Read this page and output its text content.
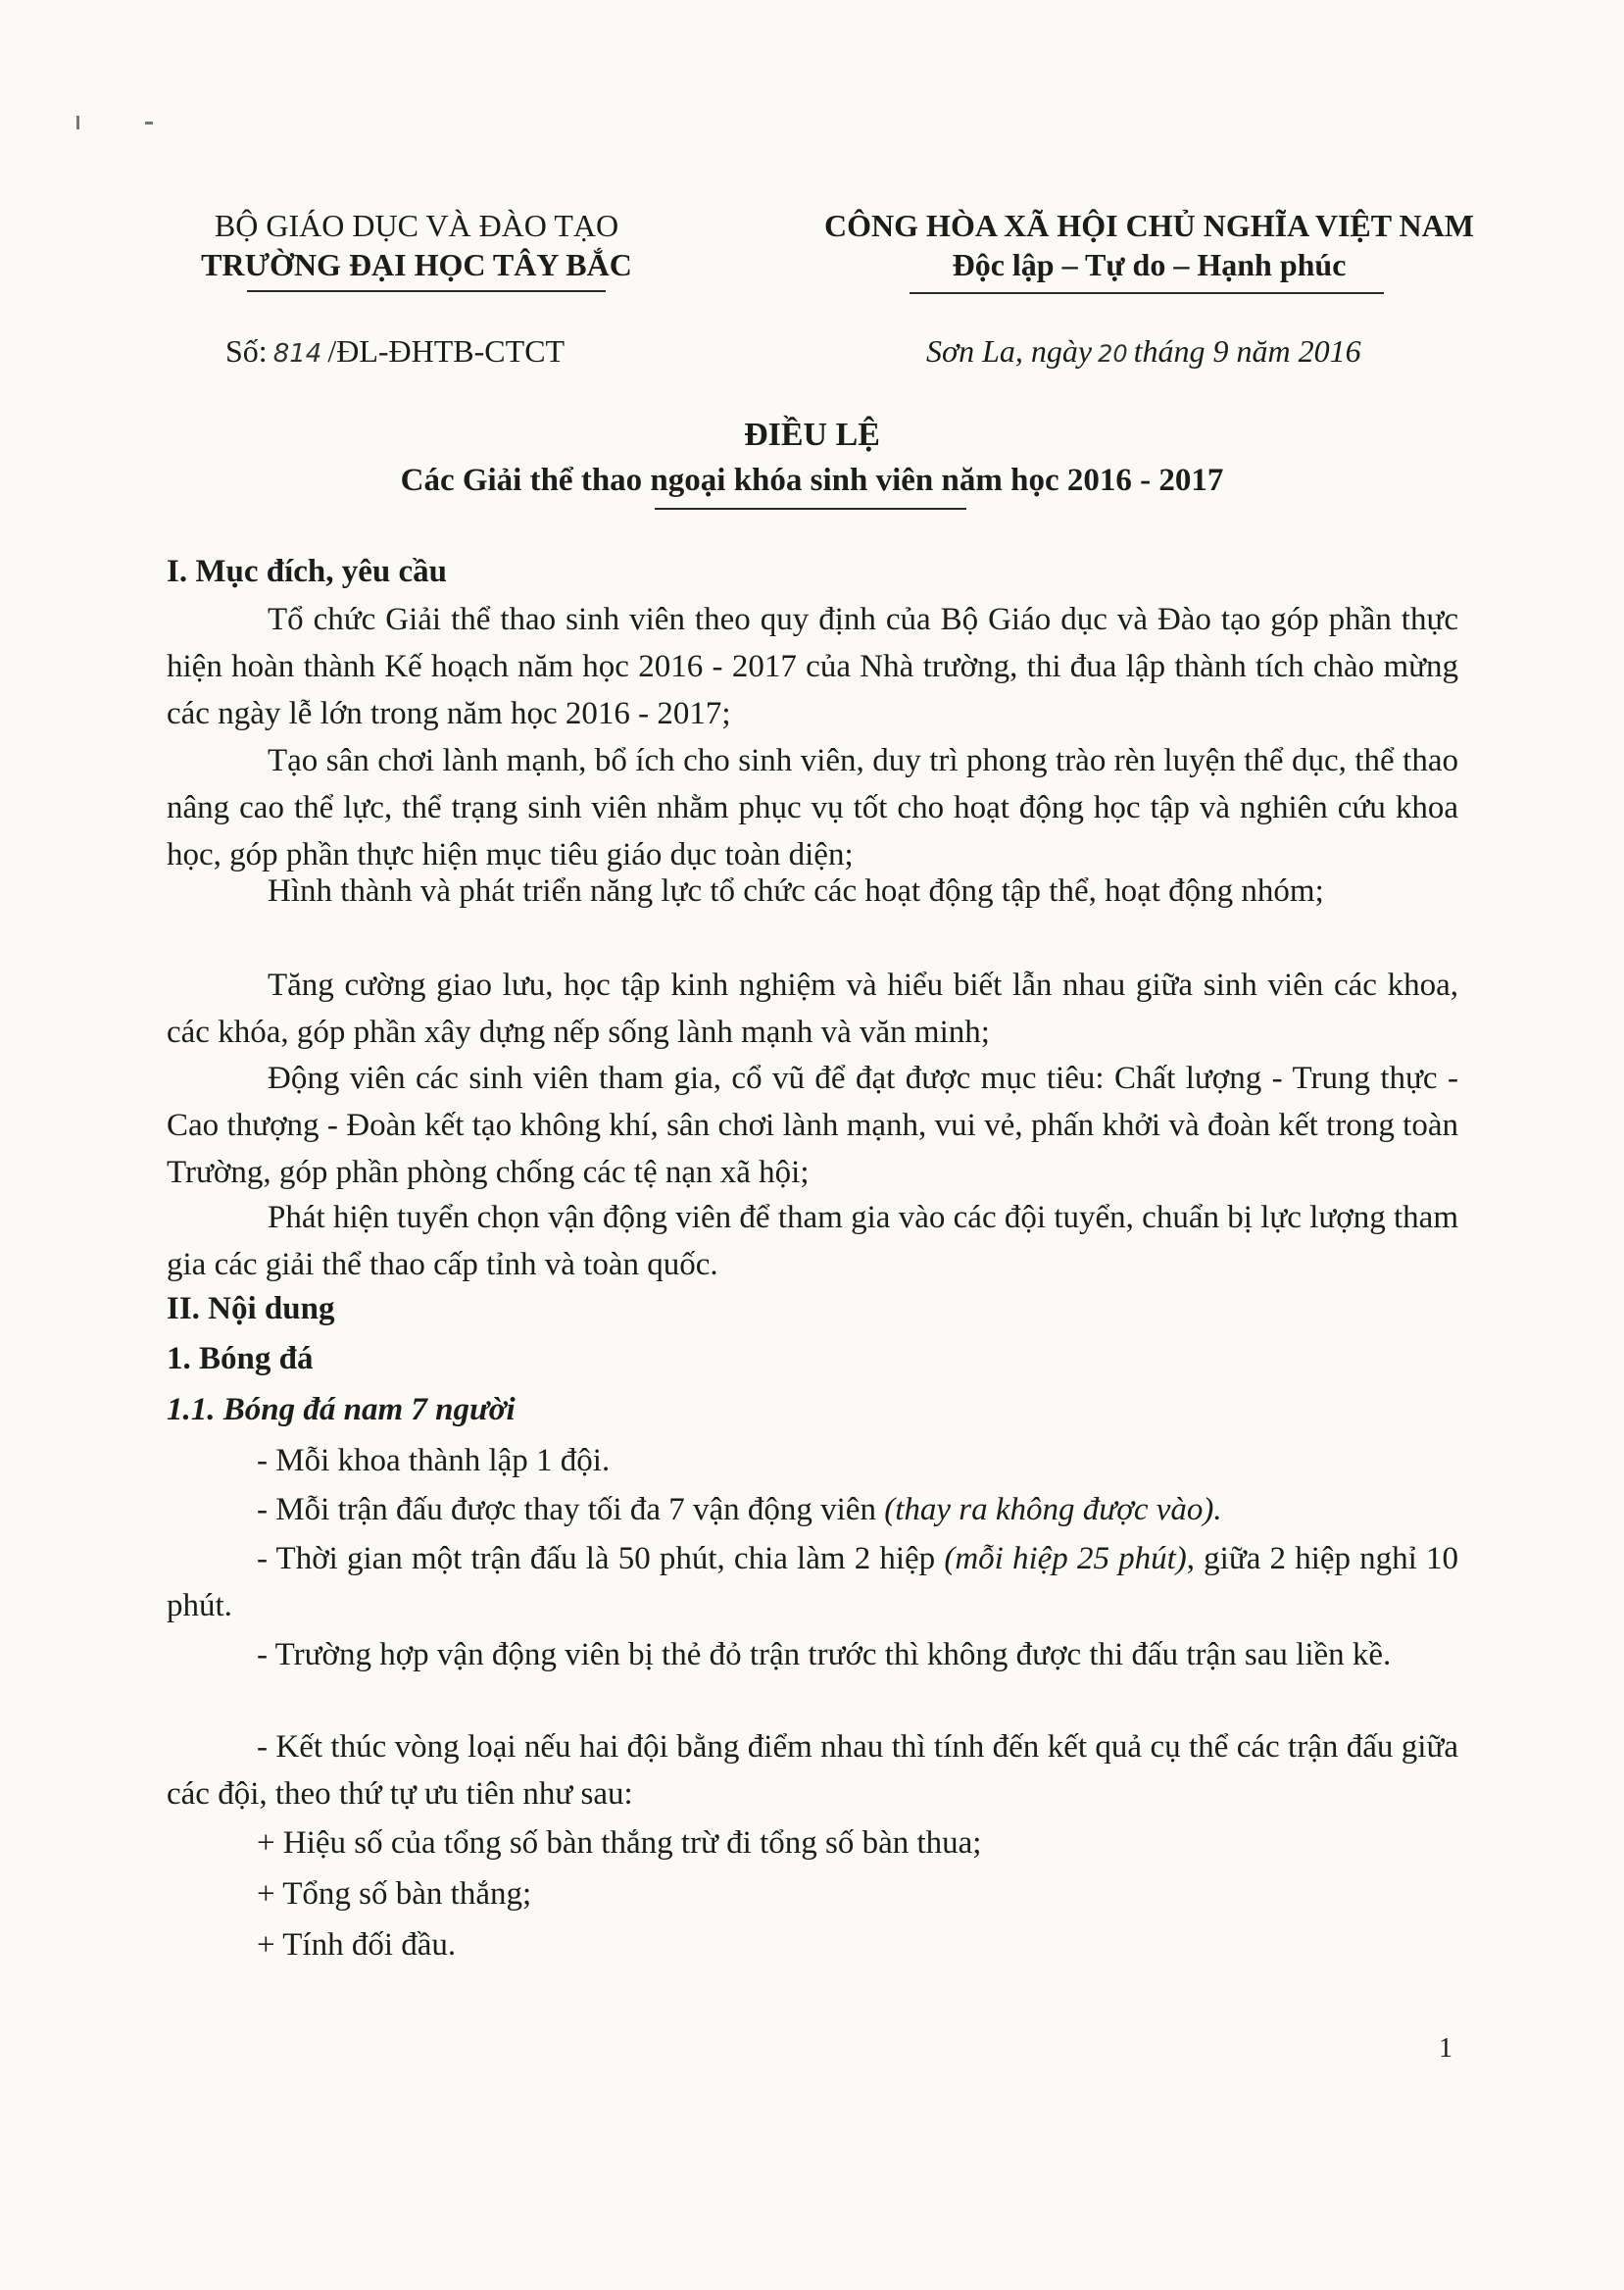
BỘ GIÁO DỤC VÀ ĐÀO TẠO
TRƯỜNG ĐẠI HỌC TÂY BẮC
CÔNG HÒA XÃ HỘI CHỦ NGHĨA VIỆT NAM
Độc lập – Tự do – Hạnh phúc
Số: 814 /ĐL-ĐHTB-CTCT	Sơn La, ngày 20 tháng 9 năm 2016
ĐIỀU LỆ
Các Giải thể thao ngoại khóa sinh viên năm học 2016 - 2017
I. Mục đích, yêu cầu
Tổ chức Giải thể thao sinh viên theo quy định của Bộ Giáo dục và Đào tạo góp phần thực hiện hoàn thành Kế hoạch năm học 2016 - 2017 của Nhà trường, thi đua lập thành tích chào mừng các ngày lễ lớn trong năm học 2016 - 2017;
Tạo sân chơi lành mạnh, bổ ích cho sinh viên, duy trì phong trào rèn luyện thể dục, thể thao nâng cao thể lực, thể trạng sinh viên nhằm phục vụ tốt cho hoạt động học tập và nghiên cứu khoa học, góp phần thực hiện mục tiêu giáo dục toàn diện;
Hình thành và phát triển năng lực tổ chức các hoạt động tập thể, hoạt động nhóm;
Tăng cường giao lưu, học tập kinh nghiệm và hiểu biết lẫn nhau giữa sinh viên các khoa, các khóa, góp phần xây dựng nếp sống lành mạnh và văn minh;
Động viên các sinh viên tham gia, cổ vũ để đạt được mục tiêu: Chất lượng - Trung thực - Cao thượng - Đoàn kết tạo không khí, sân chơi lành mạnh, vui vẻ, phấn khởi và đoàn kết trong toàn Trường, góp phần phòng chống các tệ nạn xã hội;
Phát hiện tuyển chọn vận động viên để tham gia vào các đội tuyển, chuẩn bị lực lượng tham gia các giải thể thao cấp tỉnh và toàn quốc.
II. Nội dung
1. Bóng đá
1.1. Bóng đá nam 7 người
- Mỗi khoa thành lập 1 đội.
- Mỗi trận đấu được thay tối đa 7 vận động viên (thay ra không được vào).
- Thời gian một trận đấu là 50 phút, chia làm 2 hiệp (mỗi hiệp 25 phút), giữa 2 hiệp nghỉ 10 phút.
- Trường hợp vận động viên bị thẻ đỏ trận trước thì không được thi đấu trận sau liền kề.
- Kết thúc vòng loại nếu hai đội bằng điểm nhau thì tính đến kết quả cụ thể các trận đấu giữa các đội, theo thứ tự ưu tiên như sau:
+ Hiệu số của tổng số bàn thắng trừ đi tổng số bàn thua;
+ Tổng số bàn thắng;
+ Tính đối đầu.
1
